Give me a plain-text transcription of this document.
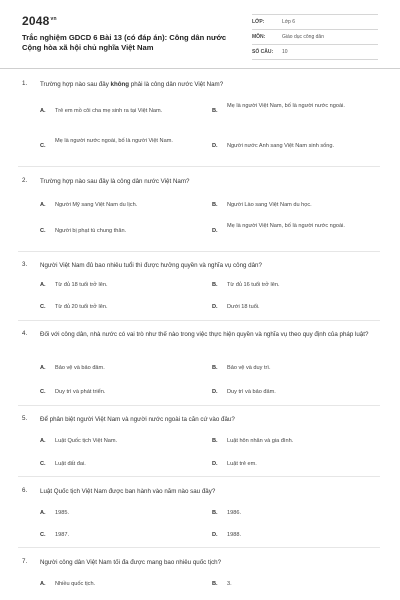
$2048^{vn}$
Trắc nghiệm GDCD 6 Bài 13 (có đáp án): Công dân nước Cộng hòa xã hội chủ nghĩa Việt Nam
LỚP:	Lớp 6
MÔN:	Giáo dục công dân
SỐ CÂU:	10
1. Trường hợp nào sau đây không phải là công dân nước Việt Nam?
A. Trẻ em mồ côi cha mẹ sinh ra tại Việt Nam.	B.
Mẹ là người Việt Nam, bố là người nước ngoài.
C.
Mẹ là người nước ngoài, bố là người Việt Nam.
D. Người nước Anh sang Việt Nam sinh sống.
2. Trường hợp nào sau đây là công dân nước Việt Nam?
A. Người Mỹ sang Việt Nam du lịch.	B. Người Lào sang Việt Nam du học.
C. Người bị phạt tù chung thân.	D.
Mẹ là người Việt Nam, bố là người nước ngoài.
3. Người Việt Nam đủ bao nhiêu tuổi thì được hưởng quyền và nghĩa vụ công dân?
A. Từ đủ 18 tuổi trở lên.	B. Từ đủ 16 tuổi trở lên.
C. Từ đủ 20 tuổi trở lên.	D. Dưới 18 tuổi.
4. Đối với công dân, nhà nước có vai trò như thế nào trong việc thực hiện quyền và nghĩa vụ theo quy định của pháp luật?
A. Bảo vệ và bảo đảm.	B. Bảo vệ và duy trì.
C. Duy trì và phát triển.	D. Duy trì và bảo đảm.
5. Để phân biệt người Việt Nam và người nước ngoài ta căn cứ vào đâu?
A. Luật Quốc tịch Việt Nam.	B. Luật hôn nhân và gia đình.
C. Luật đất đai.	D. Luật trẻ em.
6. Luật Quốc tịch Việt Nam được ban hành vào năm nào sau đây?
A. 1985.	B. 1986.
C. 1987.	D. 1988.
7. Người công dân Việt Nam tối đa được mang bao nhiêu quốc tịch?
A. Nhiều quốc tịch.	B. 3.
